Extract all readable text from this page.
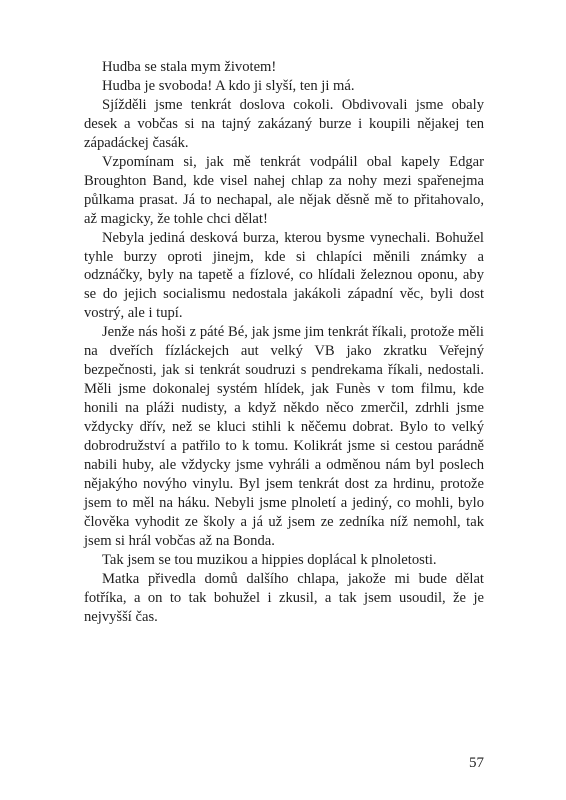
Hudba se stala mym životem!

Hudba je svoboda! A kdo ji slyší, ten ji má.

Sjížděli jsme tenkrát doslova cokoli. Obdivovali jsme obaly desek a vobčas si na tajný zakázaný burze i koupili nějakej ten západáckej časák.

Vzpomínam si, jak mě tenkrát vodpálil obal kapely Edgar Broughton Band, kde visel nahej chlap za nohy mezi spařenejma půlkama prasat. Já to nechapal, ale nějak děsně mě to přitahovalo, až magicky, že tohle chci dělat!

Nebyla jediná desková burza, kterou bysme vynechali. Bohužel tyhle burzy oproti jinejm, kde si chlapíci měnili známky a odznáčky, byly na tapetě a fízlové, co hlídali železnou oponu, aby se do jejich socialismu nedostala jakákoli západní věc, byli dost vostrý, ale i tupí.

Jenže nás hoši z páté Bé, jak jsme jim tenkrát říkali, protože měli na dveřích fízláckejch aut velký VB jako zkratku Veřejný bezpečnosti, jak si tenkrát soudruzi s pendrekama říkali, nedostali. Měli jsme dokonalej systém hlídek, jak Funès v tom filmu, kde honili na pláži nudisty, a když někdo něco zmerčil, zdrhli jsme vždycky dřív, než se kluci stihli k něčemu dobrat. Bylo to velký dobrodružství a patřilo to k tomu. Kolikrát jsme si cestou parádně nabili huby, ale vždycky jsme vyhráli a odměnou nám byl poslech nějakýho novýho vinylu. Byl jsem tenkrát dost za hrdinu, protože jsem to měl na háku. Nebyli jsme plnoletí a jediný, co mohli, bylo člověka vyhodit ze školy a já už jsem ze zedníka níž nemohl, tak jsem si hrál vobčas až na Bonda.

Tak jsem se tou muzikou a hippies doplácal k plnoletosti.

Matka přivedla domů dalšího chlapa, jakože mi bude dělat fotříka, a on to tak bohužel i zkusil, a tak jsem usoudil, že je nejvyšší čas.

57
